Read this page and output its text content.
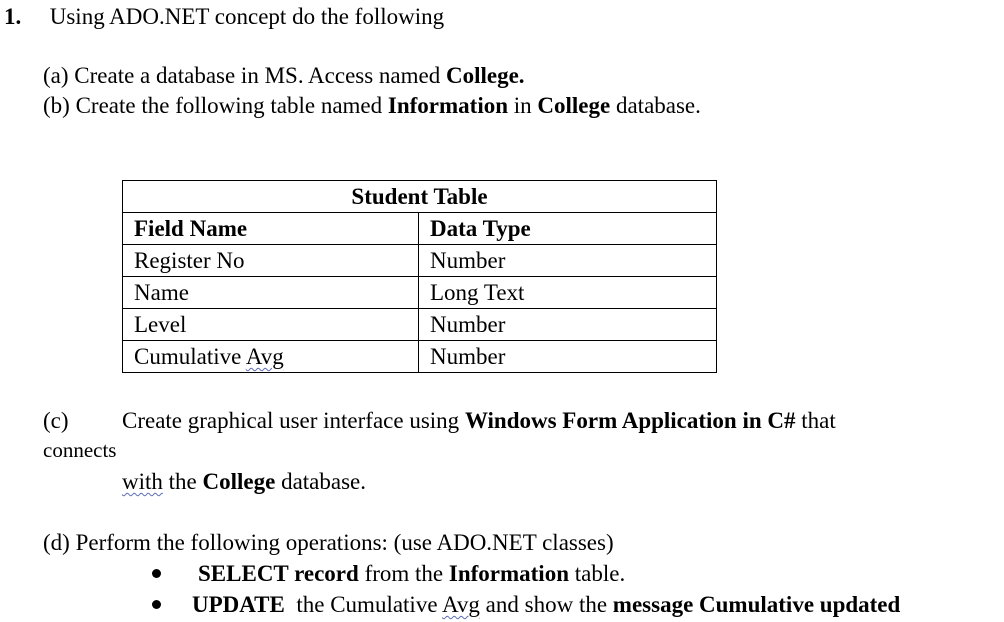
1. Using ADO.NET concept do the following
(a) Create a database in MS. Access named College.
(b) Create the following table named Information in College database.
Student Table	
Field Name	Data Type
Register No	Number
Name	Long Text
Level	Number
Cumulative Avg	Number
(c) Create graphical user interface using Windows Form Application in C# that
connects
with the College database.
(d) Perform the following operations: (use ADO.NET classes)
SELECT record from the Information table.
UPDATE  the Cumulative Avg and show the message Cumulative updated
